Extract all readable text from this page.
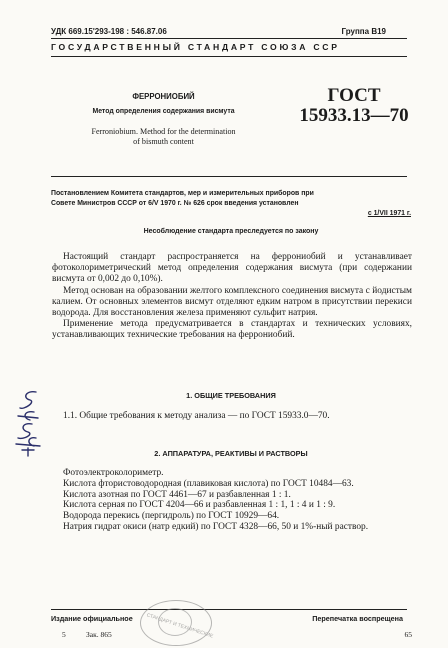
УДК 669.15'293-198 : 546.87.06	Группа В19
ГОСУДАРСТВЕННЫЙ СТАНДАРТ СОЮЗА ССР
ФЕРРОНИОБИЙ
Метод определения содержания висмута
Ferroniobium. Method for the determination
of bismuth content
ГОСТ
15933.13—70
Постановлением Комитета стандартов, мер и измерительных приборов при
Совете Министров СССР от 6/V 1970 г. № 626 срок введения установлен
с 1/VII 1971 г.
Несоблюдение стандарта преследуется по закону

Настоящий стандарт распространяется на феррониобий и устанавливает фотоколориметрический метод определения содержания висмута (при содержании висмута от 0,002 до 0,10%).

Метод основан на образовании желтого комплексного соединения висмута с йодистым калием. От основных элементов висмут отделяют едким натром в присутствии перекиси водорода. Для восстановления железа применяют сульфит натрия.

Применение метода предусматривается в стандартах и технических условиях, устанавливающих технические требования на феррониобий.

1. ОБЩИЕ ТРЕБОВАНИЯ

1.1. Общие требования к методу анализа — по ГОСТ 15933.0—70.

2. АППАРАТУРА, РЕАКТИВЫ И РАСТВОРЫ

Фотоэлектроколориметр.

Кислота фтористоводородная (плавиковая кислота) по ГОСТ 10484—63.

Кислота азотная по ГОСТ 4461—67 и разбавленная 1 : 1.

Кислота серная по ГОСТ 4204—66 и разбавленная 1 : 1, 1 : 4 и 1 : 9.

Водорода перекись (пергидроль) по ГОСТ 10929—64.

Натрия гидрат окиси (натр едкий) по ГОСТ 4328—66, 50 и 1%-ный раствор.

Издание официальное	Перепечатка воспрещена
5	Зак. 865	65
СТАНДАРТ И ТЕХНИЧЕСКИЕ
